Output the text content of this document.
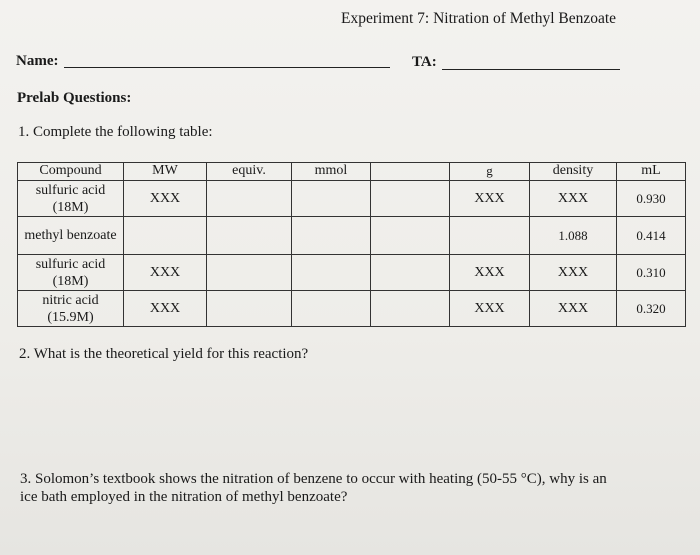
Experiment 7: Nitration of Methyl Benzoate
Name:	TA:
Prelab Questions:
1. Complete the following table:
Compound	MW	equiv.	mmol		g	density	mL
sulfuric acid (18M)	XXX				XXX	XXX	0.930
methyl benzoate						1.088	0.414
sulfuric acid (18M)	XXX				XXX	XXX	0.310
nitric acid (15.9M)	XXX				XXX	XXX	0.320
2. What is the theoretical yield for this reaction?
3. Solomon’s textbook shows the nitration of benzene to occur with heating (50-55 °C), why is an ice bath employed in the nitration of methyl benzoate?
